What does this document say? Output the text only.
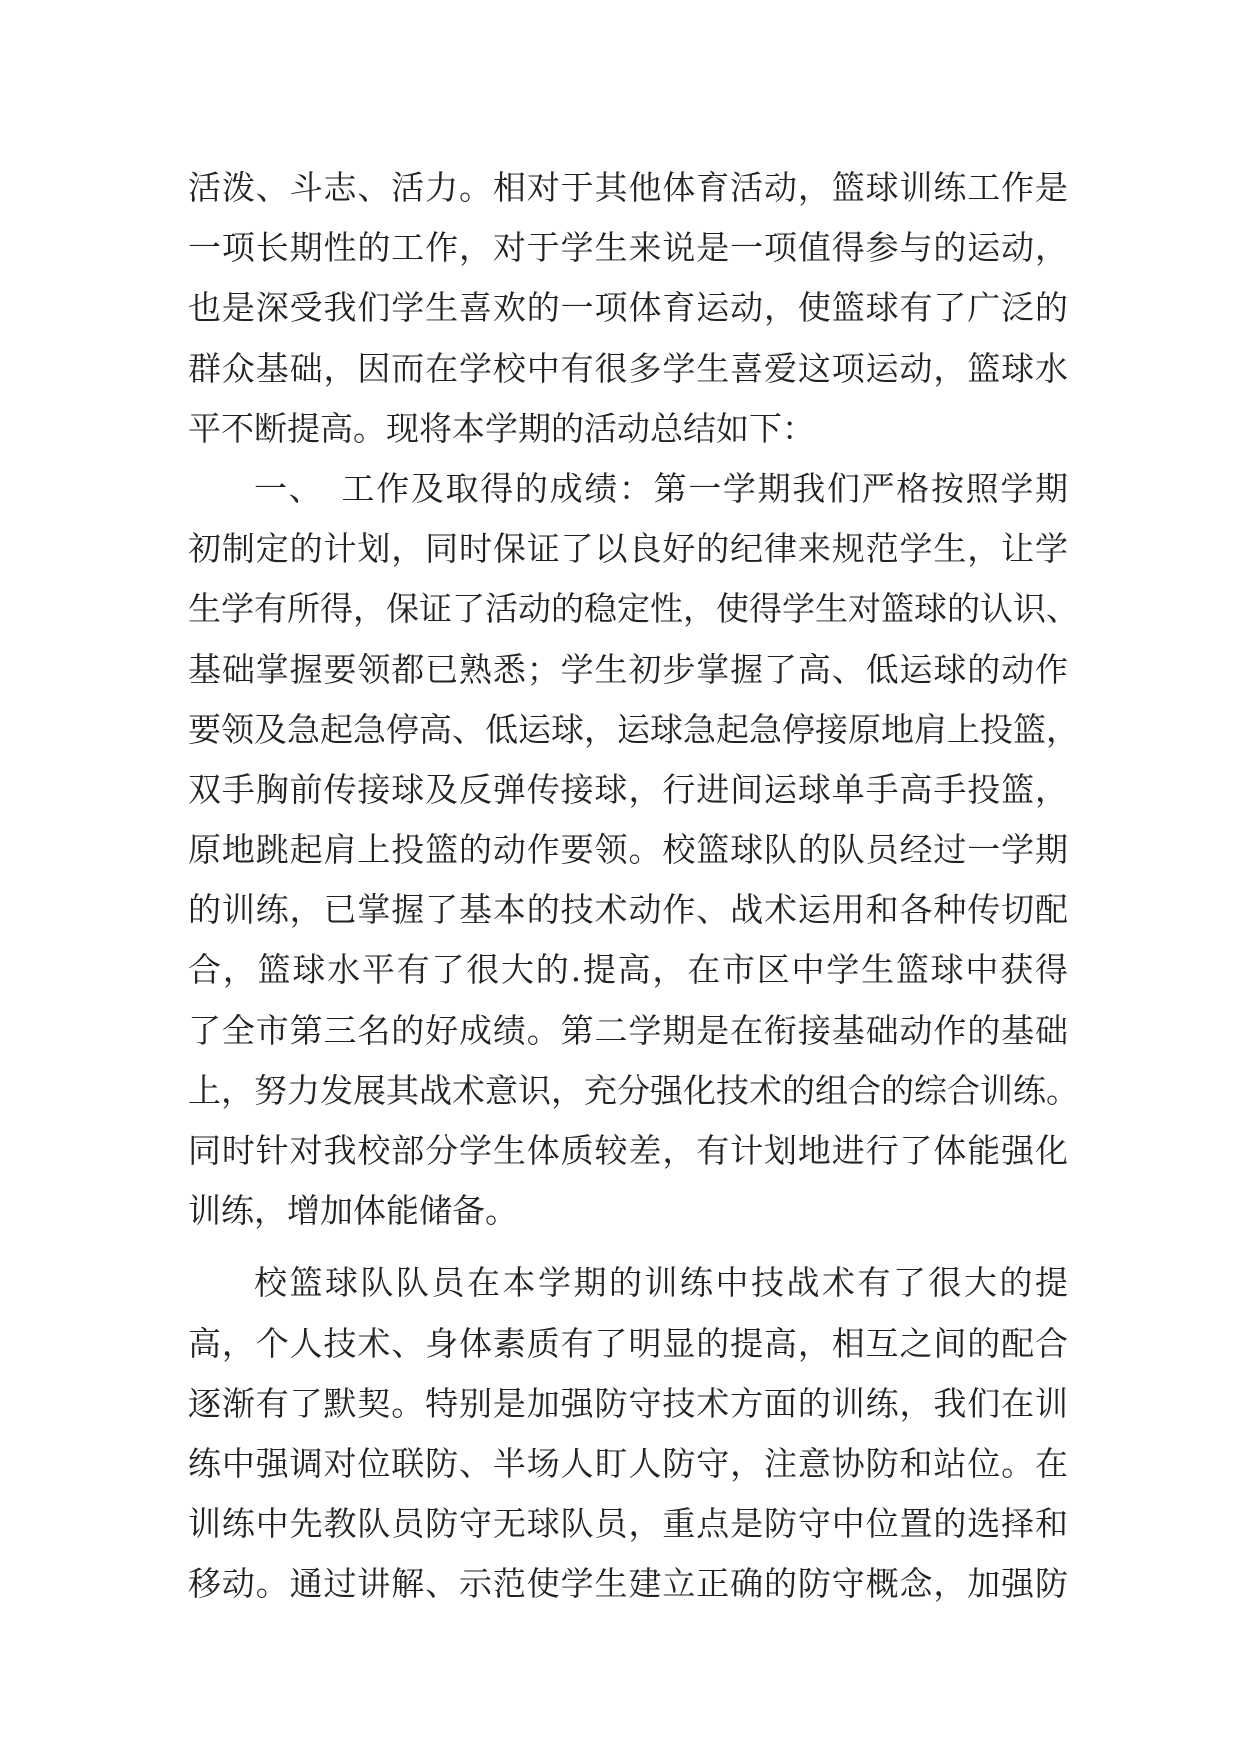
活泼、斗志、活力。相对于其他体育活动，篮球训练工作是
一项长期性的工作，对于学生来说是一项值得参与的运动，
也是深受我们学生喜欢的一项体育运动，使篮球有了广泛的
群众基础，因而在学校中有很多学生喜爱这项运动，篮球水
平不断提高。现将本学期的活动总结如下：
一、　工作及取得的成绩：第一学期我们严格按照学期
初制定的计划，同时保证了以良好的纪律来规范学生，让学
生学有所得，保证了活动的稳定性，使得学生对篮球的认识、
基础掌握要领都已熟悉；学生初步掌握了高、低运球的动作
要领及急起急停高、低运球，运球急起急停接原地肩上投篮，
双手胸前传接球及反弹传接球，行进间运球单手高手投篮，
原地跳起肩上投篮的动作要领。校篮球队的队员经过一学期
的训练，已掌握了基本的技术动作、战术运用和各种传切配
合，篮球水平有了很大的.提高，在市区中学生篮球中获得
了全市第三名的好成绩。第二学期是在衔接基础动作的基础
上，努力发展其战术意识，充分强化技术的组合的综合训练。
同时针对我校部分学生体质较差，有计划地进行了体能强化
训练，增加体能储备。
校篮球队队员在本学期的训练中技战术有了很大的提
高，个人技术、身体素质有了明显的提高，相互之间的配合
逐渐有了默契。特别是加强防守技术方面的训练，我们在训
练中强调对位联防、半场人盯人防守，注意协防和站位。在
训练中先教队员防守无球队员，重点是防守中位置的选择和
移动。通过讲解、示范使学生建立正确的防守概念，加强防
